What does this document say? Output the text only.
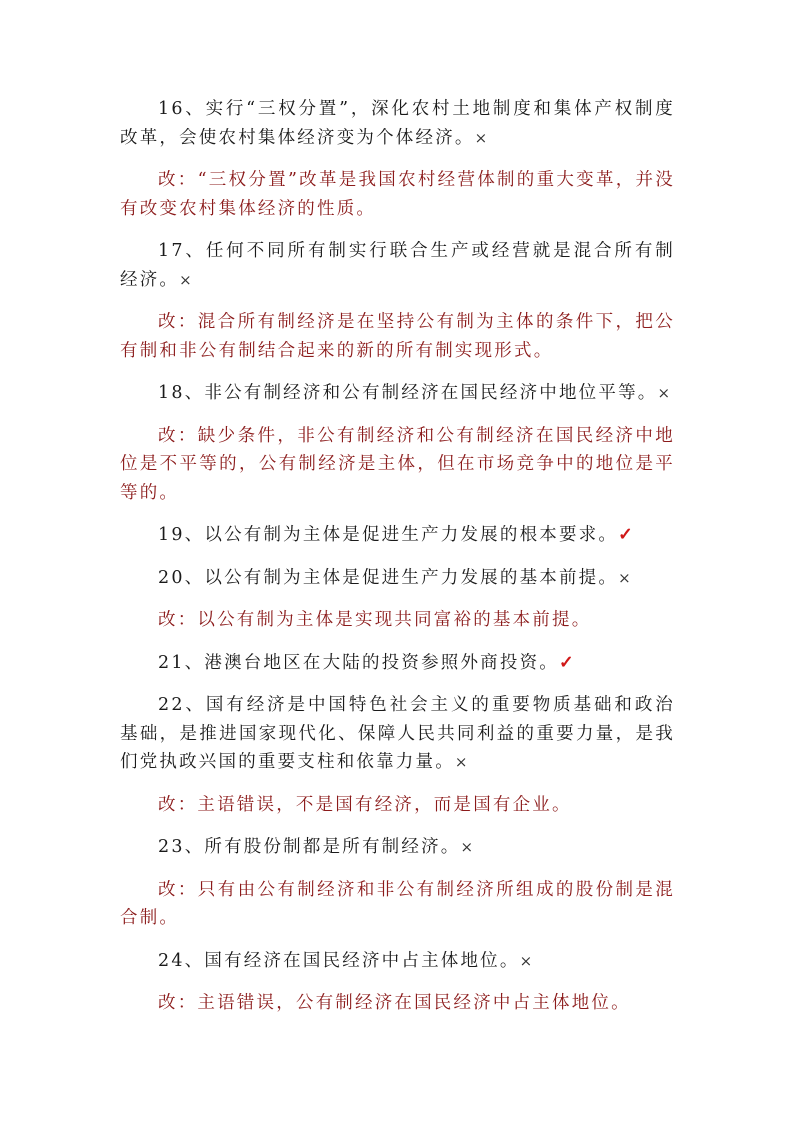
16、实行“三权分置”，深化农村土地制度和集体产权制度改革，会使农村集体经济变为个体经济。×

改：“三权分置”改革是我国农村经营体制的重大变革，并没有改变农村集体经济的性质。

17、任何不同所有制实行联合生产或经营就是混合所有制经济。×

改：混合所有制经济是在坚持公有制为主体的条件下，把公有制和非公有制结合起来的新的所有制实现形式。

18、非公有制经济和公有制经济在国民经济中地位平等。×

改：缺少条件，非公有制经济和公有制经济在国民经济中地位是不平等的，公有制经济是主体，但在市场竞争中的地位是平等的。

19、以公有制为主体是促进生产力发展的根本要求。✓

20、以公有制为主体是促进生产力发展的基本前提。×

改：以公有制为主体是实现共同富裕的基本前提。

21、港澳台地区在大陆的投资参照外商投资。✓

22、国有经济是中国特色社会主义的重要物质基础和政治基础，是推进国家现代化、保障人民共同利益的重要力量，是我们党执政兴国的重要支柱和依靠力量。×

改：主语错误，不是国有经济，而是国有企业。

23、所有股份制都是所有制经济。×

改：只有由公有制经济和非公有制经济所组成的股份制是混合制。

24、国有经济在国民经济中占主体地位。×

改：主语错误，公有制经济在国民经济中占主体地位。
